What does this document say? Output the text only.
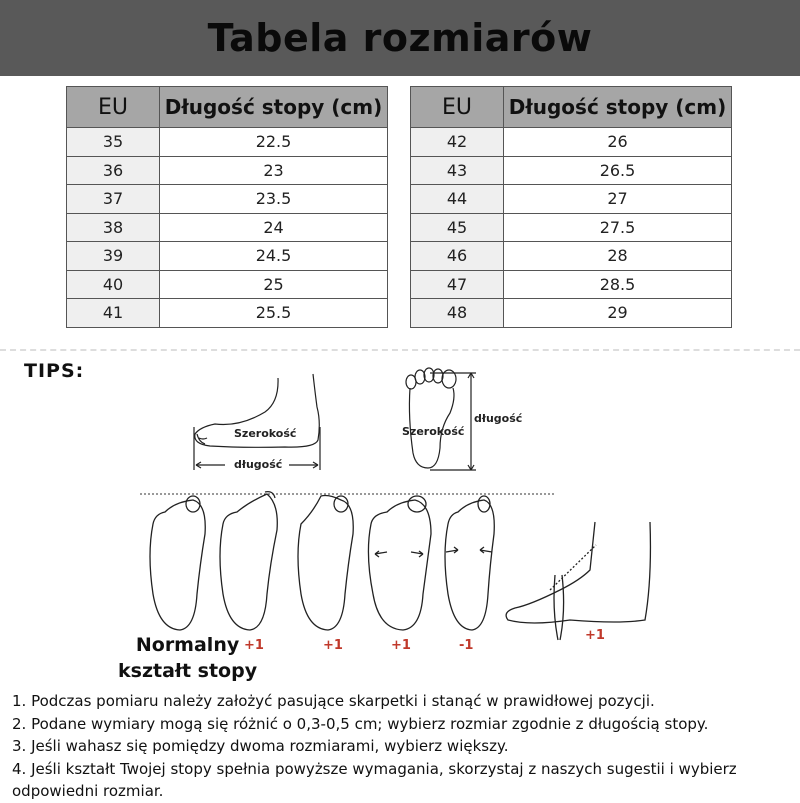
Tabela rozmiarów
EU	Długość stopy (cm)
35	22.5
36	23
37	23.5
38	24
39	24.5
40	25
41	25.5
EU	Długość stopy (cm)
42	26
43	26.5
44	27
45	27.5
46	28
47	28.5
48	29
TIPS:
Szerokość
długość
Szerokość
długość
Normalny
kształt stopy
+1	+1	+1	-1
+1

1. Podczas pomiaru należy założyć pasujące skarpetki i stanąć w prawidłowej pozycji.

2. Podane wymiary mogą się różnić o 0,3-0,5 cm; wybierz rozmiar zgodnie z długością stopy.

3. Jeśli wahasz się pomiędzy dwoma rozmiarami, wybierz większy.

4. Jeśli kształt Twojej stopy spełnia powyższe wymagania, skorzystaj z naszych sugestii i wybierz odpowiedni rozmiar.
